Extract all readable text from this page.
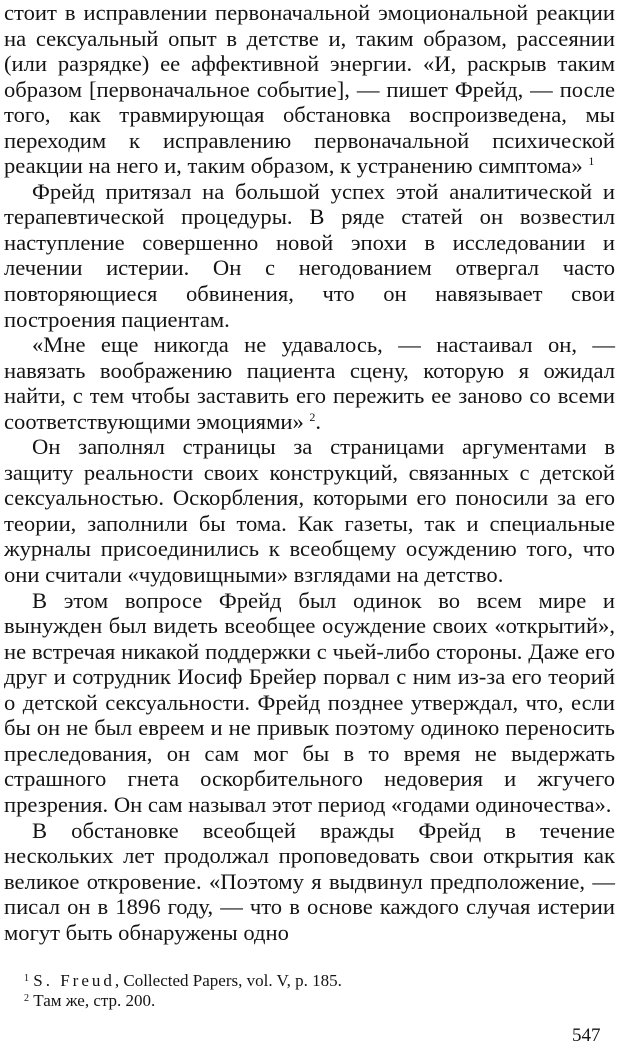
стоит в исправлении первоначальной эмоциональной реакции на сексуальный опыт в детстве и, таким образом, рассеянии (или разрядке) ее аффективной энергии. «И, раскрыв таким образом [первоначальное событие], — пишет Фрейд, — после того, как травмирующая обстановка воспроизведена, мы переходим к исправлению первоначальной психической реакции на него и, таким образом, к устранению симптома» $^1$

Фрейд притязал на большой успех этой аналитической и терапевтической процедуры. В ряде статей он возвестил наступление совершенно новой эпохи в исследовании и лечении истерии. Он с негодованием отвергал часто повторяющиеся обвинения, что он навязывает свои построения пациентам.

«Мне еще никогда не удавалось, — настаивал он, — навязать воображению пациента сцену, которую я ожидал найти, с тем чтобы заставить его пережить ее заново со всеми соответствующими эмоциями» $^2$.

Он заполнял страницы за страницами аргументами в защиту реальности своих конструкций, связанных с детской сексуальностью. Оскорбления, которыми его поносили за его теории, заполнили бы тома. Как газеты, так и специальные журналы присоединились к всеобщему осуждению того, что они считали «чудовищными» взглядами на детство.

В этом вопросе Фрейд был одинок во всем мире и вынужден был видеть всеобщее осуждение своих «открытий», не встречая никакой поддержки с чьей-либо стороны. Даже его друг и сотрудник Иосиф Брейер порвал с ним из-за его теорий о детской сексуальности. Фрейд позднее утверждал, что, если бы он не был евреем и не привык поэтому одиноко переносить преследования, он сам мог бы в то время не выдержать страшного гнета оскорбительного недоверия и жгучего презрения. Он сам называл этот период «годами одиночества».

В обстановке всеобщей вражды Фрейд в течение нескольких лет продолжал проповедовать свои открытия как великое откровение. «Поэтому я выдвинул предположение, — писал он в 1896 году, — что в основе каждого случая истерии могут быть обнаружены одно

$^1$ S. Freud, Collected Papers, vol. V, p. 185.

$^2$ Там же, стр. 200.

547
